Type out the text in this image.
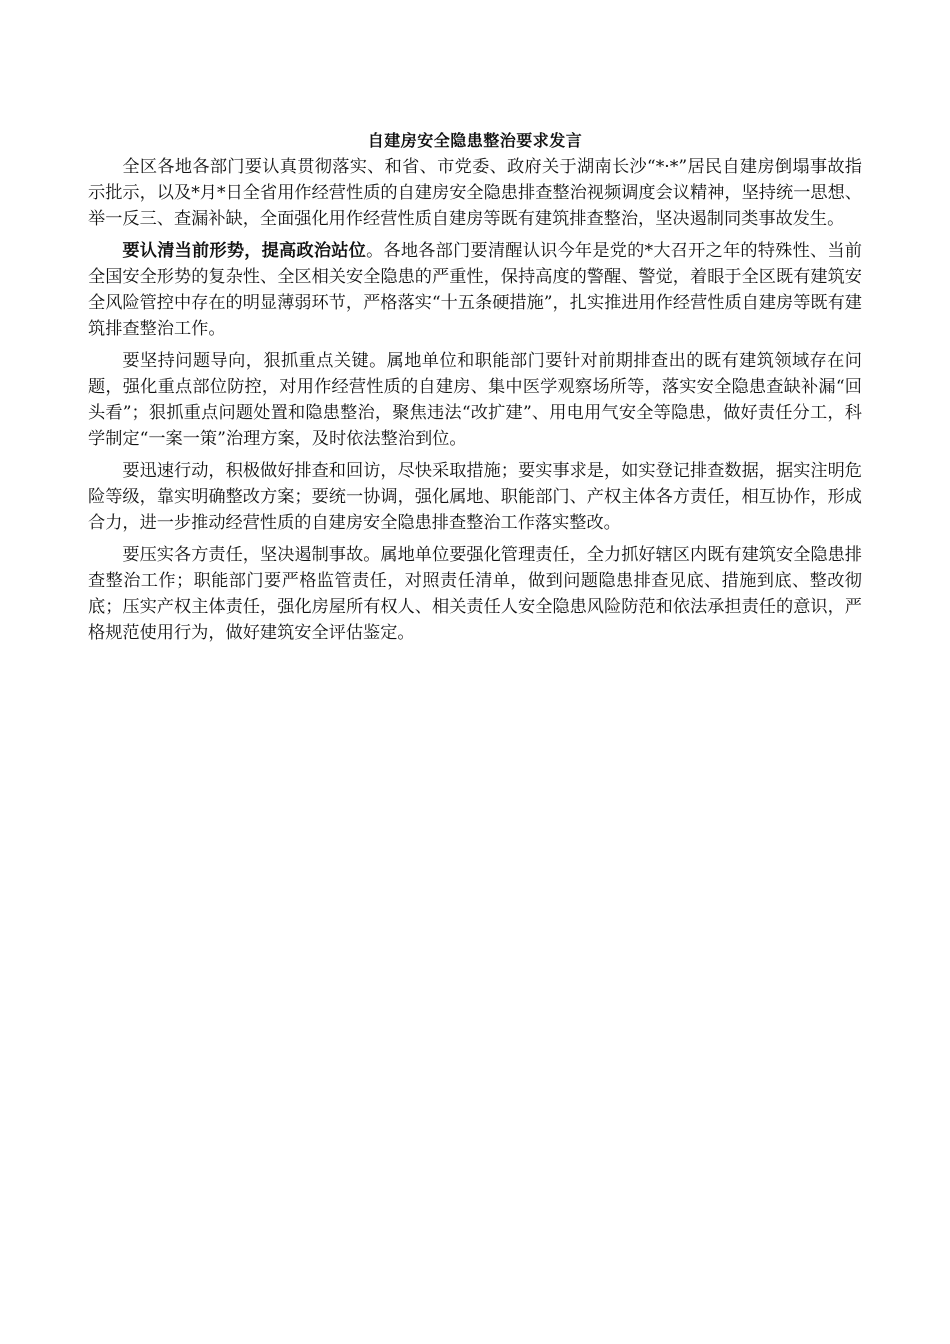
自建房安全隐患整治要求发言

全区各地各部门要认真贯彻落实、和省、市党委、政府关于湖南长沙“*·*”居民自建房倒塌事故指示批示，以及*月*日全省用作经营性质的自建房安全隐患排查整治视频调度会议精神，坚持统一思想、举一反三、查漏补缺，全面强化用作经营性质自建房等既有建筑排查整治，坚决遏制同类事故发生。

要认清当前形势，提高政治站位。各地各部门要清醒认识今年是党的*大召开之年的特殊性、当前全国安全形势的复杂性、全区相关安全隐患的严重性，保持高度的警醒、警觉，着眼于全区既有建筑安全风险管控中存在的明显薄弱环节，严格落实“十五条硬措施”，扎实推进用作经营性质自建房等既有建筑排查整治工作。

要坚持问题导向，狠抓重点关键。属地单位和职能部门要针对前期排查出的既有建筑领域存在问题，强化重点部位防控，对用作经营性质的自建房、集中医学观察场所等，落实安全隐患查缺补漏“回头看”；狠抓重点问题处置和隐患整治，聚焦违法“改扩建”、用电用气安全等隐患，做好责任分工，科学制定“一案一策”治理方案，及时依法整治到位。

要迅速行动，积极做好排查和回访，尽快采取措施；要实事求是，如实登记排查数据，据实注明危险等级，靠实明确整改方案；要统一协调，强化属地、职能部门、产权主体各方责任，相互协作，形成合力，进一步推动经营性质的自建房安全隐患排查整治工作落实整改。

要压实各方责任，坚决遏制事故。属地单位要强化管理责任，全力抓好辖区内既有建筑安全隐患排查整治工作；职能部门要严格监管责任，对照责任清单，做到问题隐患排查见底、措施到底、整改彻底；压实产权主体责任，强化房屋所有权人、相关责任人安全隐患风险防范和依法承担责任的意识，严格规范使用行为，做好建筑安全评估鉴定。
